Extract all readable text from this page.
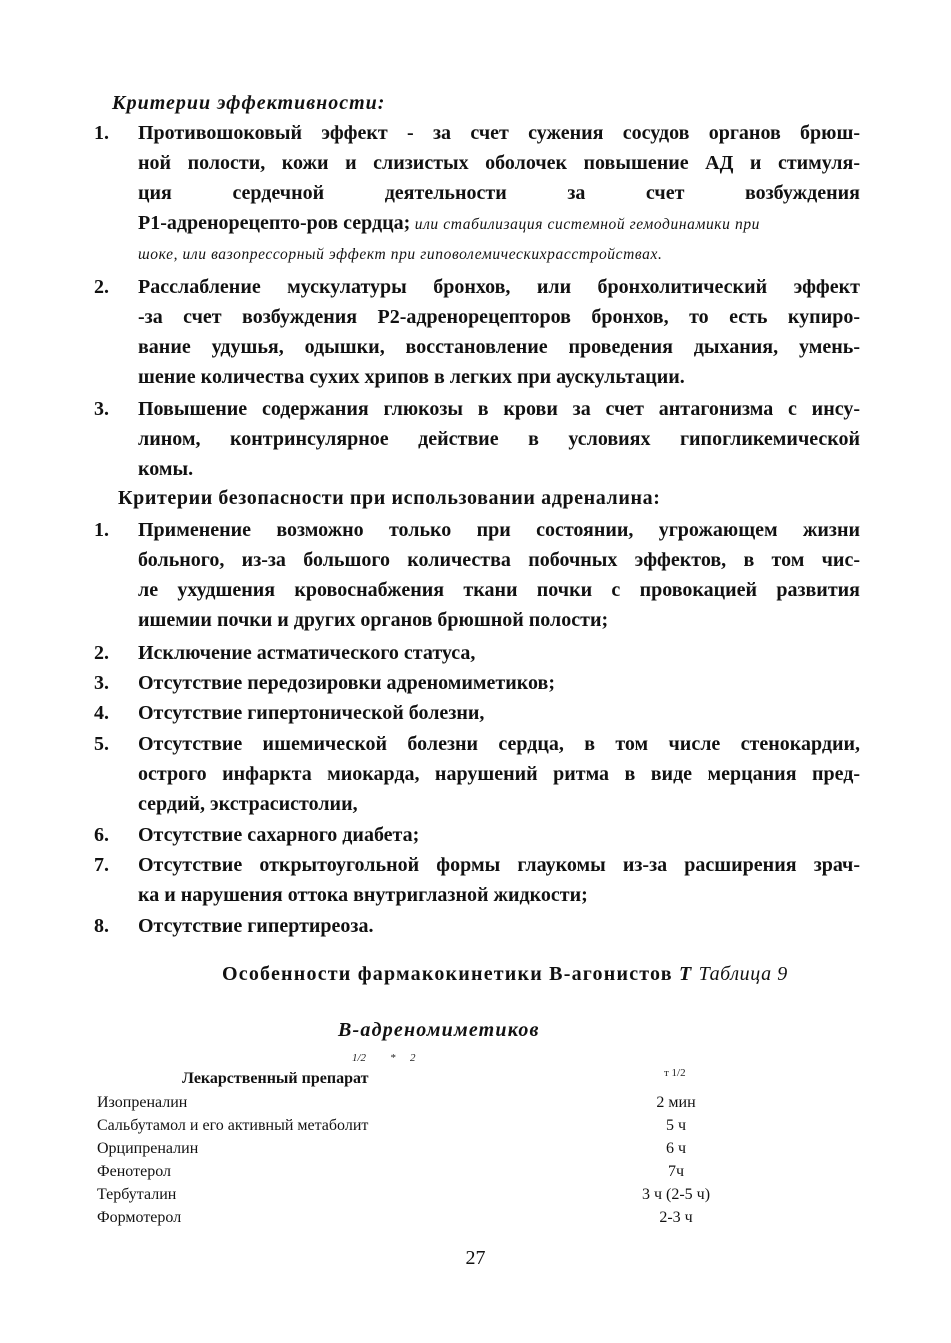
Критерии эффективности:
1. Противошоковый эффект - за счет сужения сосудов органов брюш-
ной полости, кожи и слизистых оболочек повышение АД и стимуля-
ция сердечной деятельности за счет возбуждения
Р1-адренорецепто-ров сердца; или стабилизация системной гемодинамики при
шоке, или вазопрессорный эффект при гиповолемическихрасстройствах.
2. Расслабление мускулатуры бронхов, или бронхолитический эффект
-за счет возбуждения Р2-адренорецепторов бронхов, то есть купиро-
вание удушья, одышки, восстановление проведения дыхания, умень-
шение количества сухих хрипов в легких при аускультации.
3. Повышение содержания глюкозы в крови за счет антагонизма с инсу-
лином, контринсулярное действие в условиях гипогликемической
комы.
Критерии безопасности при использовании адреналина:
1. Применение возможно только при состоянии, угрожающем жизни
больного, из-за большого количества побочных эффектов, в том чис-
ле ухудшения кровоснабжения ткани почки с провокацией развития
ишемии почки и других органов брюшной полости;
2. Исключение астматического статуса,
3. Отсутствие передозировки адреномиметиков;
4. Отсутствие гипертонической болезни,
5. Отсутствие ишемической болезни сердца, в том числе стенокардии,
острого инфаркта миокарда, нарушений ритма в виде мерцания пред-
сердий, экстрасистолии,
6. Отсутствие сахарного диабета;
7. Отсутствие открытоугольной формы глаукомы из-за расширения зрач-
ка и нарушения оттока внутриглазной жидкости;
8. Отсутствие гипертиреоза.
Особенности фармакокинетики В-агонистов Т Таблица 9
В-адреномиметиков
1/2 * 2
Лекарственный препарат	т 1/2
Изопреналин	2 мин
Сальбутамол и его активный метаболит	5 ч
Орципреналин	6 ч
Фенотерол	7ч
Тербуталин	3 ч (2-5 ч)
Формотерол	2-3 ч
27
